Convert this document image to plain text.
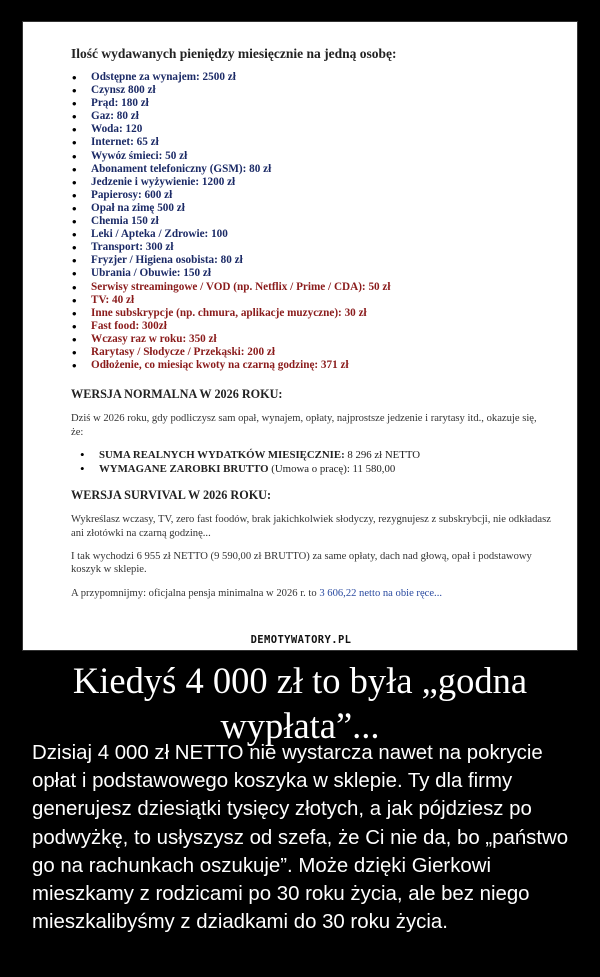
Ilość wydawanych pieniędzy miesięcznie na jedną osobę:

• Odstępne za wynajem: 2500 zł
• Czynsz 800 zł
• Prąd: 180 zł
• Gaz: 80 zł
• Woda: 120
• Internet: 65 zł
• Wywóz śmieci: 50 zł
• Abonament telefoniczny (GSM): 80 zł
• Jedzenie i wyżywienie: 1200 zł
• Papierosy: 600 zł
• Opał na zimę 500 zł
• Chemia 150 zł
• Leki / Apteka / Zdrowie: 100
• Transport: 300 zł
• Fryzjer / Higiena osobista: 80 zł
• Ubrania / Obuwie: 150 zł
• Serwisy streamingowe / VOD (np. Netflix / Prime / CDA): 50 zł
• TV: 40 zł
• Inne subskrypcje (np. chmura, aplikacje muzyczne): 30 zł
• Fast food: 300zł
• Wczasy raz w roku: 350 zł
• Rarytasy / Słodycze / Przekąski: 200 zł
• Odłożenie, co miesiąc kwoty na czarną godzinę: 371 zł

WERSJA NORMALNA W 2026 ROKU:

Dziś w 2026 roku, gdy podliczysz sam opał, wynajem, opłaty, najprostsze jedzenie i rarytasy itd., okazuje się, że:

• SUMA REALNYCH WYDATKÓW MIESIĘCZNIE: 8 296 zł NETTO
• WYMAGANE ZAROBKI BRUTTO (Umowa o pracę): 11 580,00

WERSJA SURVIVAL W 2026 ROKU:

Wykreślasz wczasy, TV, zero fast foodów, brak jakichkolwiek słodyczy, rezygnujesz z subskrybcji, nie odkładasz ani złotówki na czarną godzinę...

I tak wychodzi 6 955 zł NETTO (9 590,00 zł BRUTTO) za same opłaty, dach nad głową, opał i podstawowy koszyk w sklepie.

A przypomnijmy: oficjalna pensja minimalna w 2026 r. to 3 606,22 netto na obie ręce...

DEMOTYWATORY.PL
Kiedyś 4 000 zł to była „godna wypłata”...

Dzisiaj 4 000 zł NETTO nie wystarcza nawet na pokrycie opłat i podstawowego koszyka w sklepie. Ty dla firmy generujesz dziesiątki tysięcy złotych, a jak pójdziesz po podwyżkę, to usłyszysz od szefa, że Ci nie da, bo „państwo go na rachunkach oszukuje”. Może dzięki Gierkowi mieszkamy z rodzicami po 30 roku życia, ale bez niego mieszkalibyśmy z dziadkami do 30 roku życia.
